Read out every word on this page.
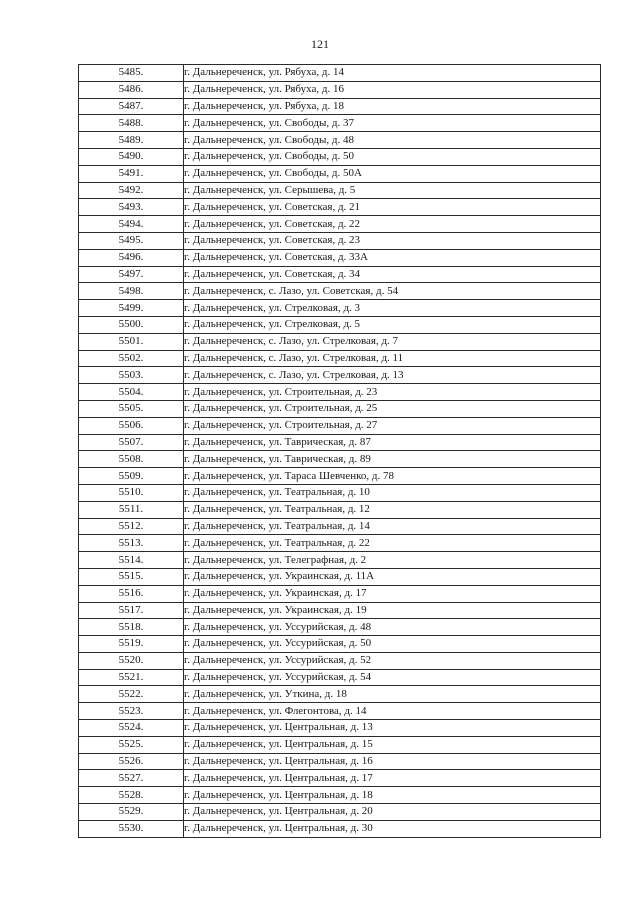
121
5485.	г. Дальнереченск, ул. Рябуха, д. 14
5486.	г. Дальнереченск, ул. Рябуха, д. 16
5487.	г. Дальнереченск, ул. Рябуха, д. 18
5488.	г. Дальнереченск, ул. Свободы, д. 37
5489.	г. Дальнереченск, ул. Свободы, д. 48
5490.	г. Дальнереченск, ул. Свободы, д. 50
5491.	г. Дальнереченск, ул. Свободы, д. 50А
5492.	г. Дальнереченск, ул. Серышева, д. 5
5493.	г. Дальнереченск, ул. Советская, д. 21
5494.	г. Дальнереченск, ул. Советская, д. 22
5495.	г. Дальнереченск, ул. Советская, д. 23
5496.	г. Дальнереченск, ул. Советская, д. 33А
5497.	г. Дальнереченск, ул. Советская, д. 34
5498.	г. Дальнереченск, с. Лазо, ул. Советская, д. 54
5499.	г. Дальнереченск, ул. Стрелковая, д. 3
5500.	г. Дальнереченск, ул. Стрелковая, д. 5
5501.	г. Дальнереченск, с. Лазо, ул. Стрелковая, д. 7
5502.	г. Дальнереченск, с. Лазо, ул. Стрелковая, д. 11
5503.	г. Дальнереченск, с. Лазо, ул. Стрелковая, д. 13
5504.	г. Дальнереченск, ул. Строительная, д. 23
5505.	г. Дальнереченск, ул. Строительная, д. 25
5506.	г. Дальнереченск, ул. Строительная, д. 27
5507.	г. Дальнереченск, ул. Таврическая, д. 87
5508.	г. Дальнереченск, ул. Таврическая, д. 89
5509.	г. Дальнереченск, ул. Тараса Шевченко, д. 78
5510.	г. Дальнереченск, ул. Театральная, д. 10
5511.	г. Дальнереченск, ул. Театральная, д. 12
5512.	г. Дальнереченск, ул. Театральная, д. 14
5513.	г. Дальнереченск, ул. Театральная, д. 22
5514.	г. Дальнереченск, ул. Телеграфная, д. 2
5515.	г. Дальнереченск, ул. Украинская, д. 11А
5516.	г. Дальнереченск, ул. Украинская, д. 17
5517.	г. Дальнереченск, ул. Украинская, д. 19
5518.	г. Дальнереченск, ул. Уссурийская, д. 48
5519.	г. Дальнереченск, ул. Уссурийская, д. 50
5520.	г. Дальнереченск, ул. Уссурийская, д. 52
5521.	г. Дальнереченск, ул. Уссурийская, д. 54
5522.	г. Дальнереченск, ул. Уткина, д. 18
5523.	г. Дальнереченск, ул. Флегонтова, д. 14
5524.	г. Дальнереченск, ул. Центральная, д. 13
5525.	г. Дальнереченск, ул. Центральная, д. 15
5526.	г. Дальнереченск, ул. Центральная, д. 16
5527.	г. Дальнереченск, ул. Центральная, д. 17
5528.	г. Дальнереченск, ул. Центральная, д. 18
5529.	г. Дальнереченск, ул. Центральная, д. 20
5530.	г. Дальнереченск, ул. Центральная, д. 30
